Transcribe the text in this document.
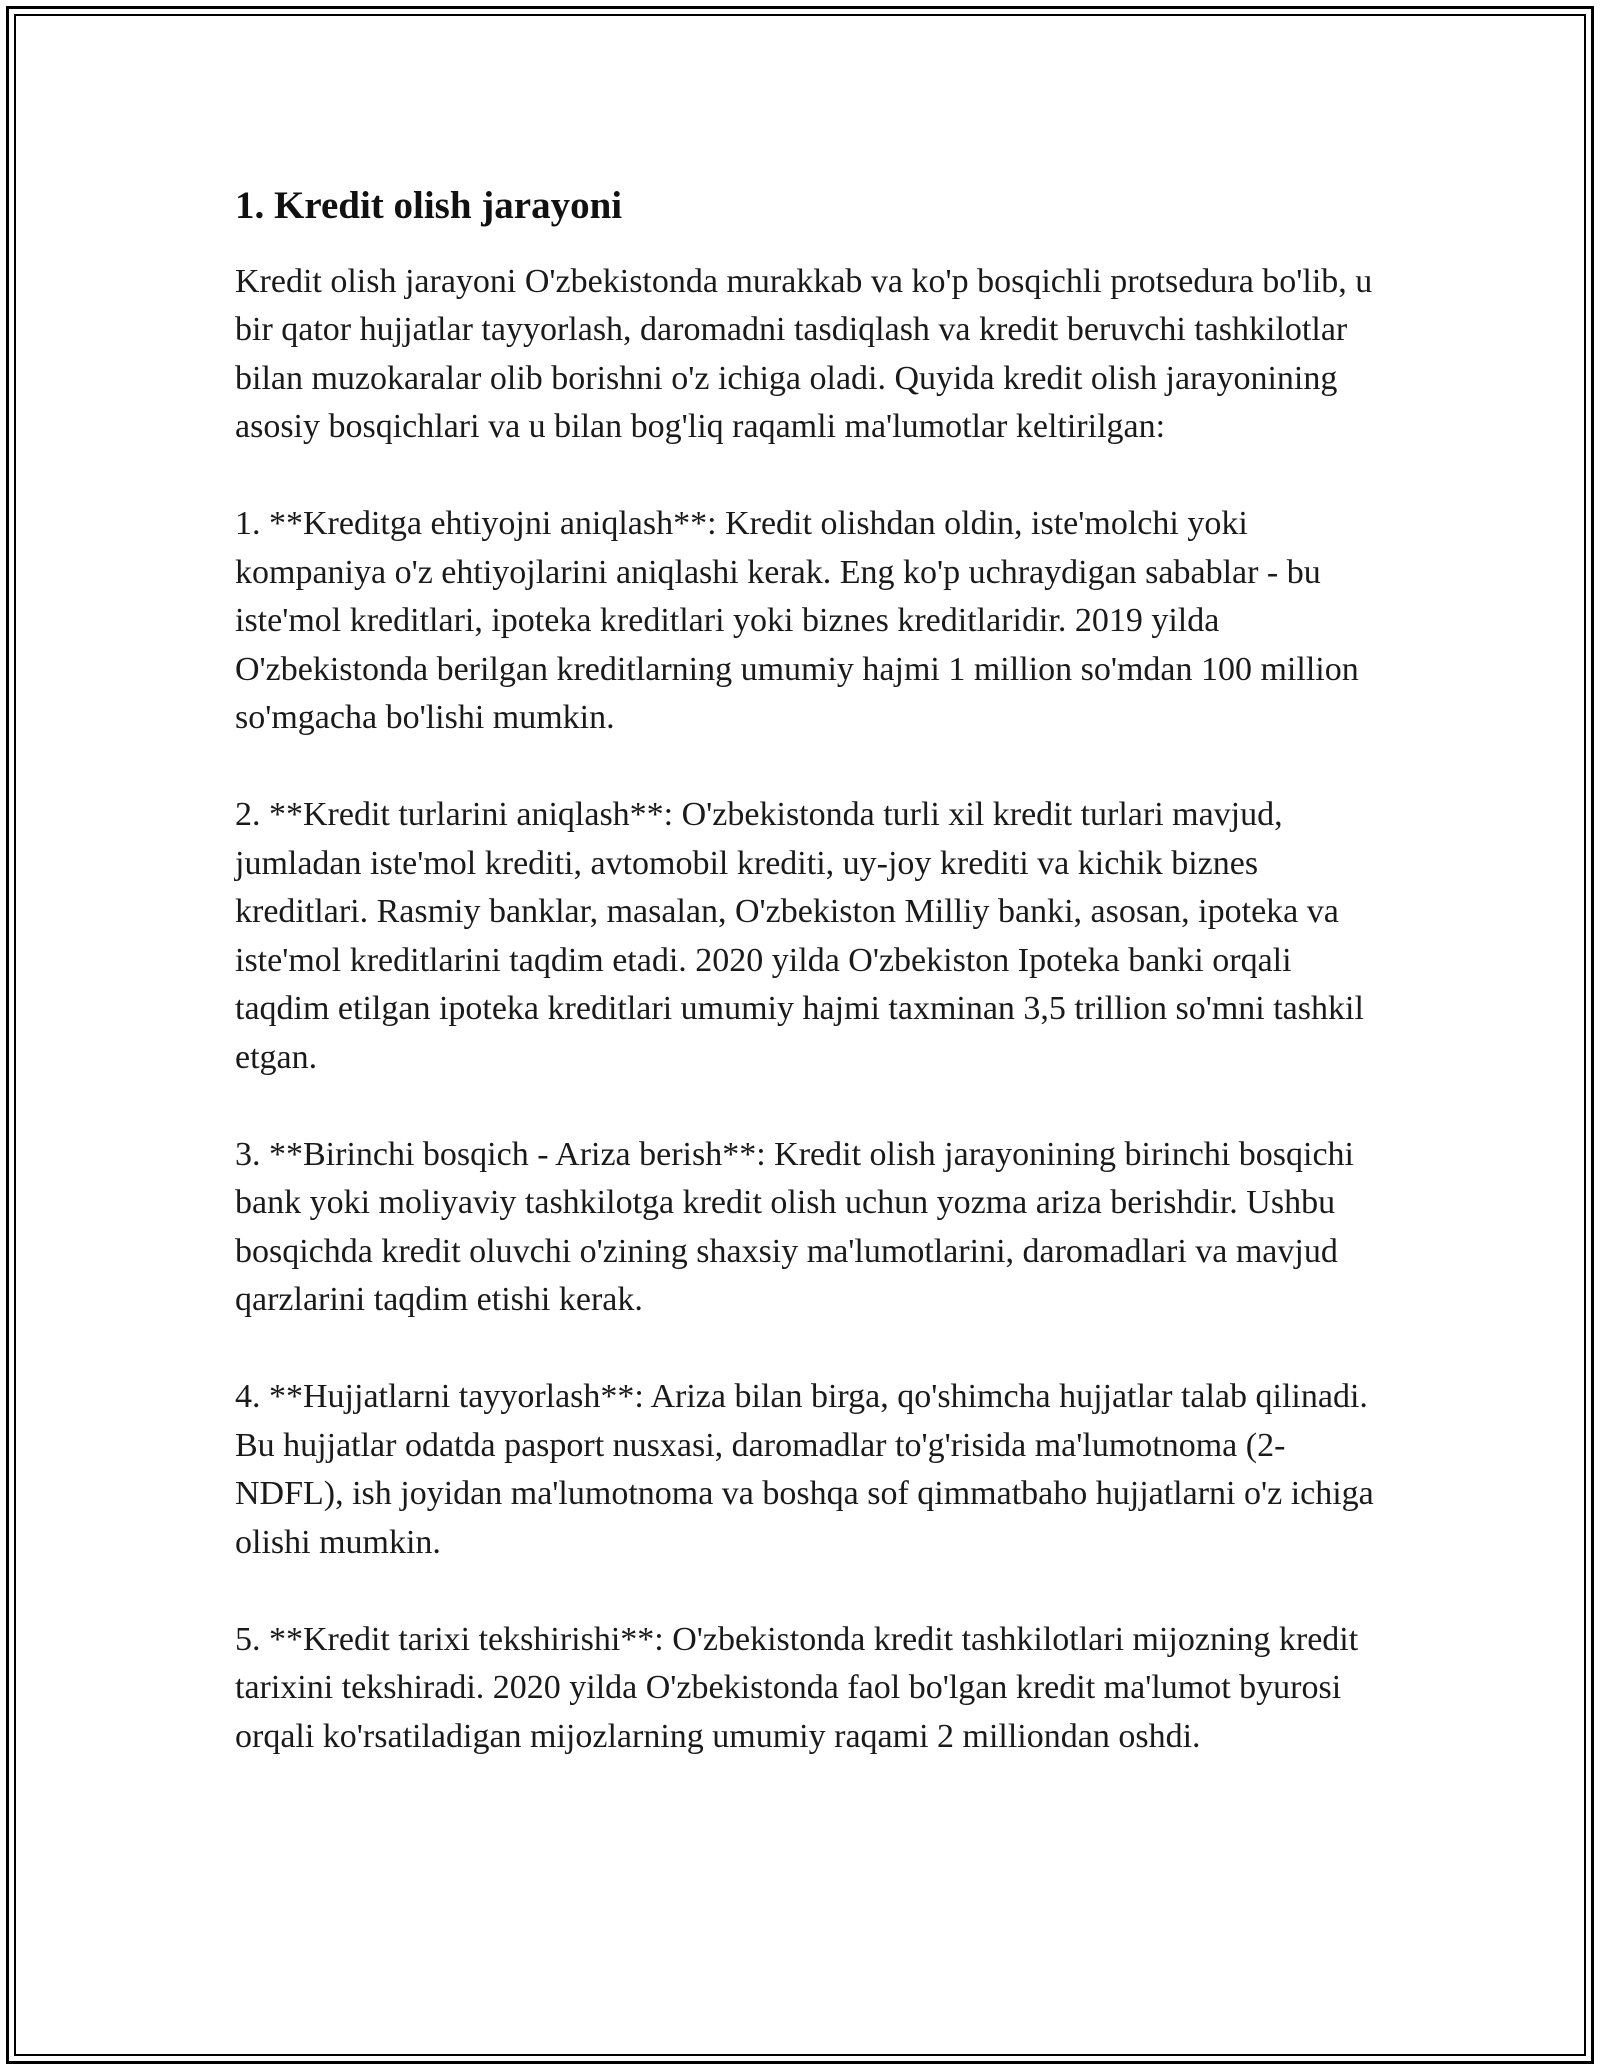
1. Kredit olish jarayoni

Kredit olish jarayoni O'zbekistonda murakkab va ko'p bosqichli protsedura bo'lib, u bir qator hujjatlar tayyorlash, daromadni tasdiqlash va kredit beruvchi tashkilotlar bilan muzokaralar olib borishni o'z ichiga oladi. Quyida kredit olish jarayonining asosiy bosqichlari va u bilan bog'liq raqamli ma'lumotlar keltirilgan:

1. **Kreditga ehtiyojni aniqlash**: Kredit olishdan oldin, iste'molchi yoki kompaniya o'z ehtiyojlarini aniqlashi kerak. Eng ko'p uchraydigan sabablar - bu iste'mol kreditlari, ipoteka kreditlari yoki biznes kreditlaridir. 2019 yilda O'zbekistonda berilgan kreditlarning umumiy hajmi 1 million so'mdan 100 million so'mgacha bo'lishi mumkin.

2. **Kredit turlarini aniqlash**: O'zbekistonda turli xil kredit turlari mavjud, jumladan iste'mol krediti, avtomobil krediti, uy-joy krediti va kichik biznes kreditlari. Rasmiy banklar, masalan, O'zbekiston Milliy banki, asosan, ipoteka va iste'mol kreditlarini taqdim etadi. 2020 yilda O'zbekiston Ipoteka banki orqali taqdim etilgan ipoteka kreditlari umumiy hajmi taxminan 3,5 trillion so'mni tashkil etgan.

3. **Birinchi bosqich - Ariza berish**: Kredit olish jarayonining birinchi bosqichi bank yoki moliyaviy tashkilotga kredit olish uchun yozma ariza berishdir. Ushbu bosqichda kredit oluvchi o'zining shaxsiy ma'lumotlarini, daromadlari va mavjud qarzlarini taqdim etishi kerak.

4. **Hujjatlarni tayyorlash**: Ariza bilan birga, qo'shimcha hujjatlar talab qilinadi. Bu hujjatlar odatda pasport nusxasi, daromadlar to'g'risida ma'lumotnoma (2-NDFL), ish joyidan ma'lumotnoma va boshqa sof qimmatbaho hujjatlarni o'z ichiga olishi mumkin.

5. **Kredit tarixi tekshirishi**: O'zbekistonda kredit tashkilotlari mijozning kredit tarixini tekshiradi. 2020 yilda O'zbekistonda faol bo'lgan kredit ma'lumot byurosi orqali ko'rsatiladigan mijozlarning umumiy raqami 2 milliondan oshdi.
